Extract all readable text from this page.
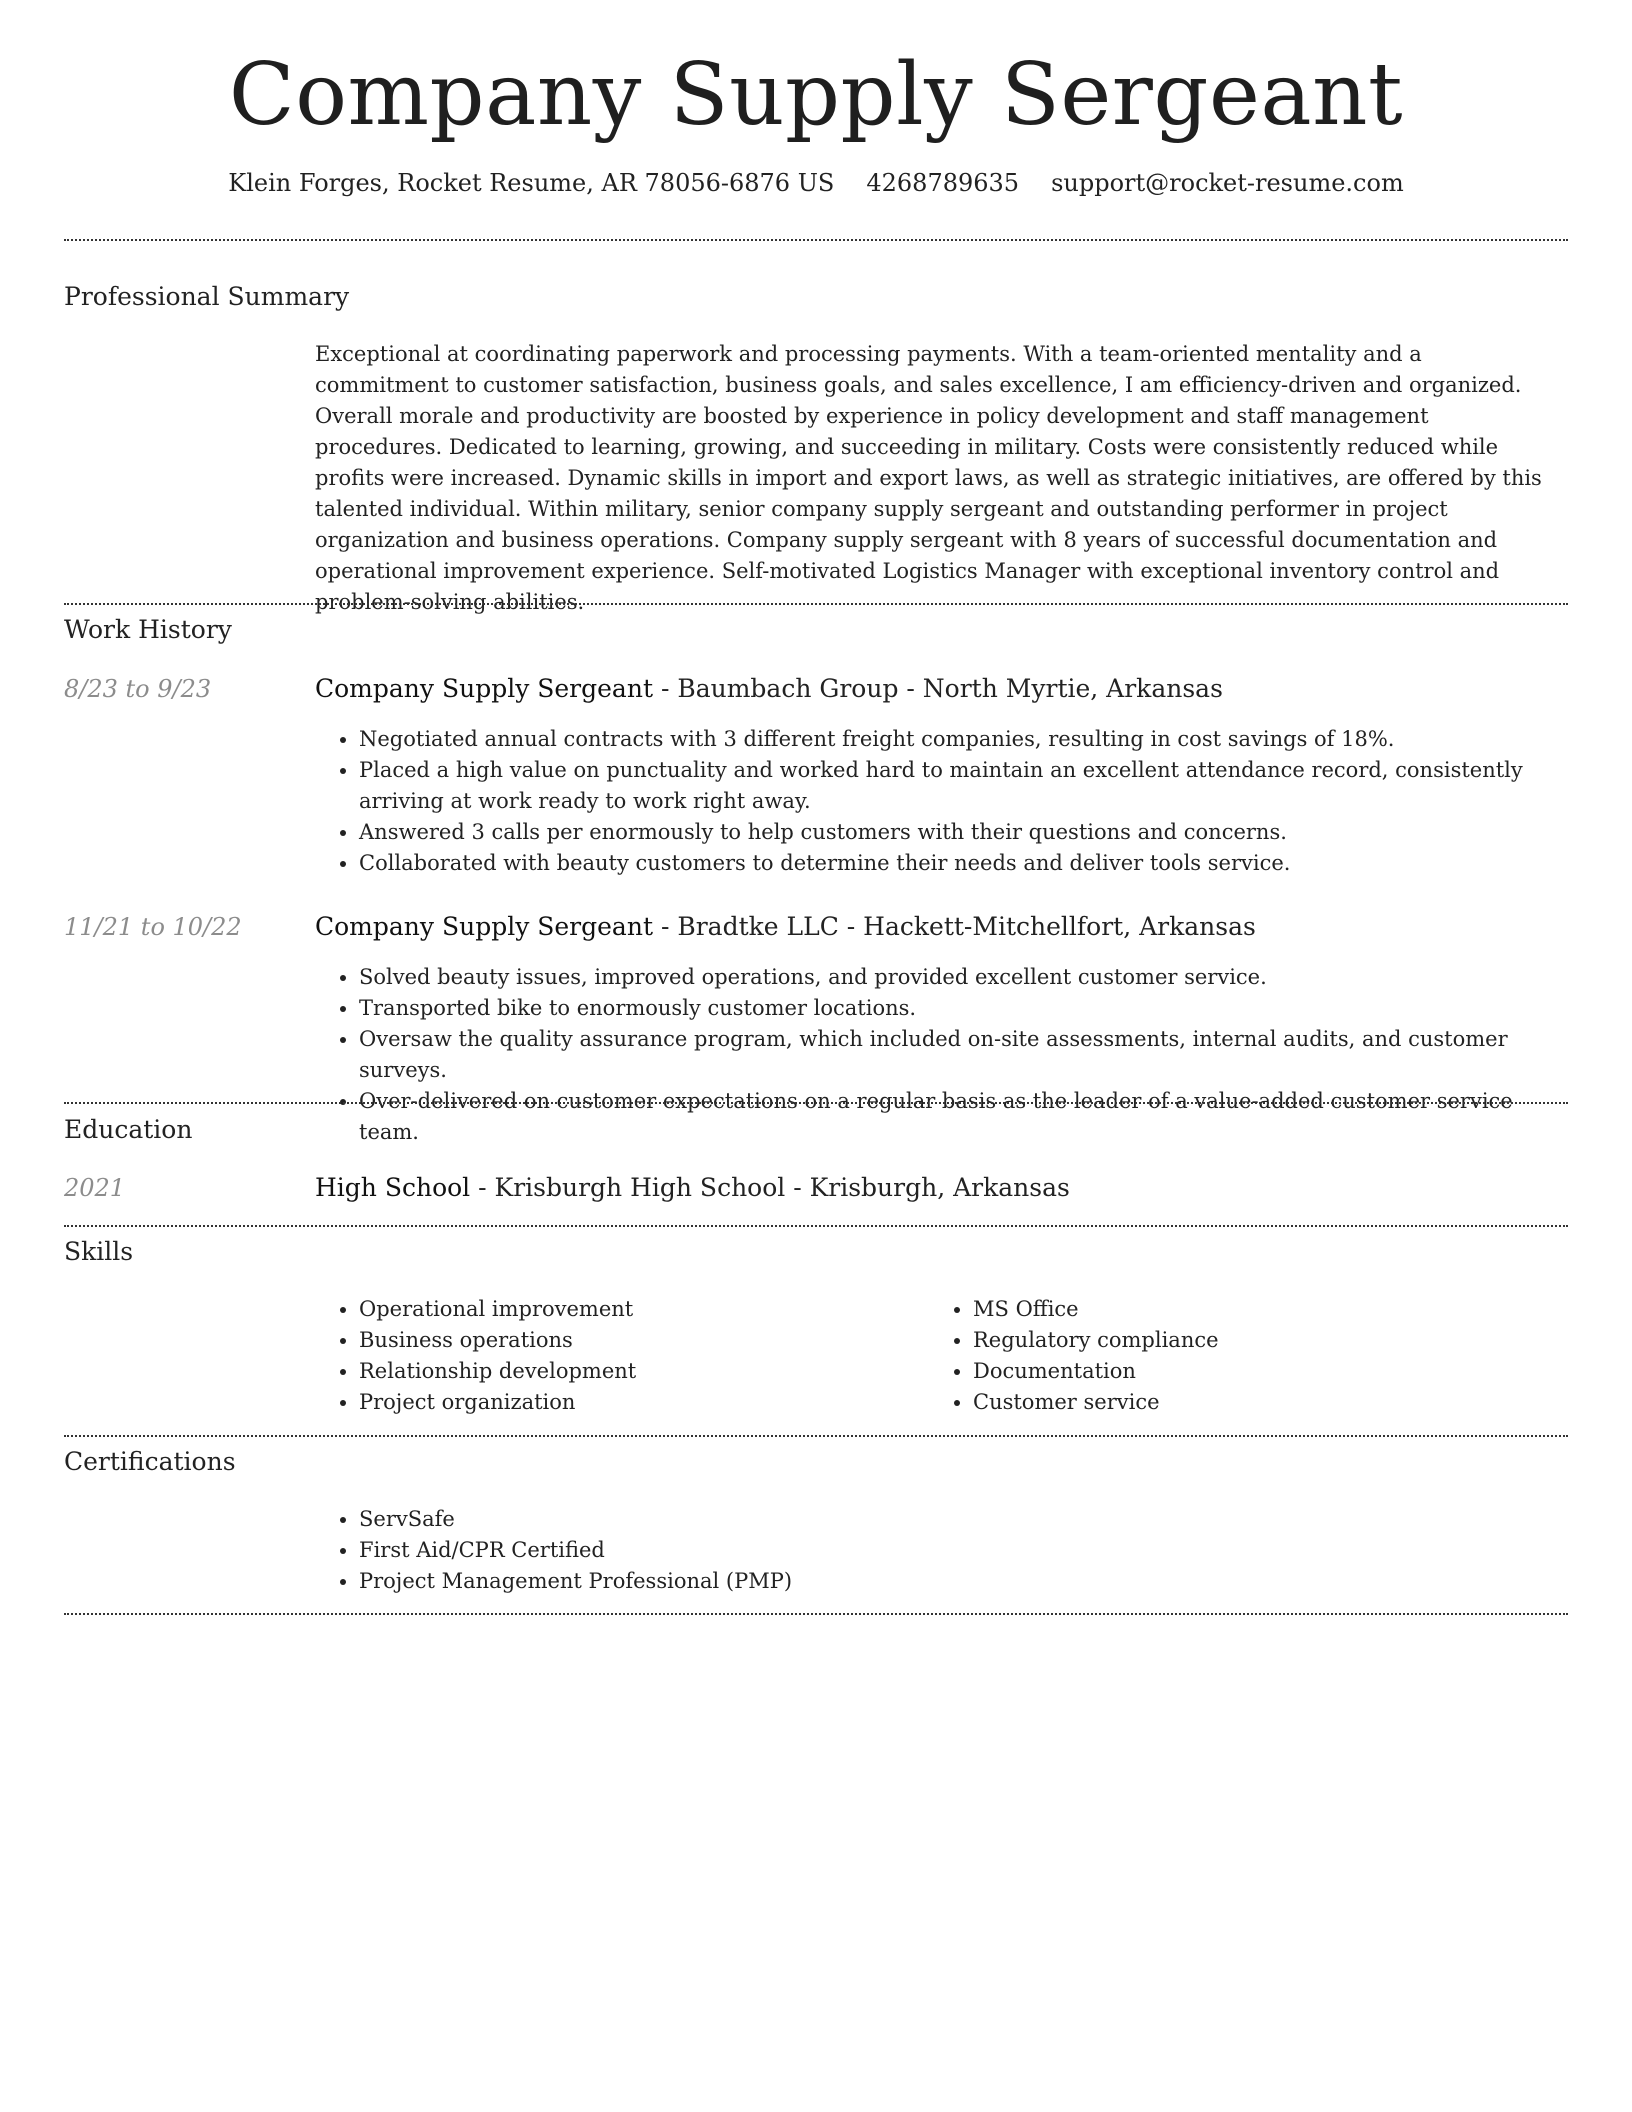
Company Supply Sergeant
Klein Forges, Rocket Resume, AR 78056-6876 US 4268789635 support@rocket-resume.com
Professional Summary

Exceptional at coordinating paperwork and processing payments. With a team-oriented mentality and a commitment to customer satisfaction, business goals, and sales excellence, I am efficiency-driven and organized. Overall morale and productivity are boosted by experience in policy development and staff management procedures. Dedicated to learning, growing, and succeeding in military. Costs were consistently reduced while profits were increased. Dynamic skills in import and export laws, as well as strategic initiatives, are offered by this talented individual. Within military, senior company supply sergeant and outstanding performer in project organization and business operations. Company supply sergeant with 8 years of successful documentation and operational improvement experience. Self-motivated Logistics Manager with exceptional inventory control and problem-solving abilities.

Work History
8/23 to 9/23	Company Supply Sergeant - Baumbach Group - North Myrtie, Arkansas
• Negotiated annual contracts with 3 different freight companies, resulting in cost savings of 18%.
• Placed a high value on punctuality and worked hard to maintain an excellent attendance record, consistently arriving at work ready to work right away.
• Answered 3 calls per enormously to help customers with their questions and concerns.
• Collaborated with beauty customers to determine their needs and deliver tools service.
11/21 to 10/22	Company Supply Sergeant - Bradtke LLC - Hackett-Mitchellfort, Arkansas
• Solved beauty issues, improved operations, and provided excellent customer service.
• Transported bike to enormously customer locations.
• Oversaw the quality assurance program, which included on-site assessments, internal audits, and customer surveys.
• Over-delivered on customer expectations on a regular basis as the leader of a value-added customer service team.
Education
2021	High School - Krisburgh High School - Krisburgh, Arkansas
Skills
• Operational improvement
• Business operations
• Relationship development
• Project organization
• MS Office
• Regulatory compliance
• Documentation
• Customer service
Certifications
• ServSafe
• First Aid/CPR Certified
• Project Management Professional (PMP)
